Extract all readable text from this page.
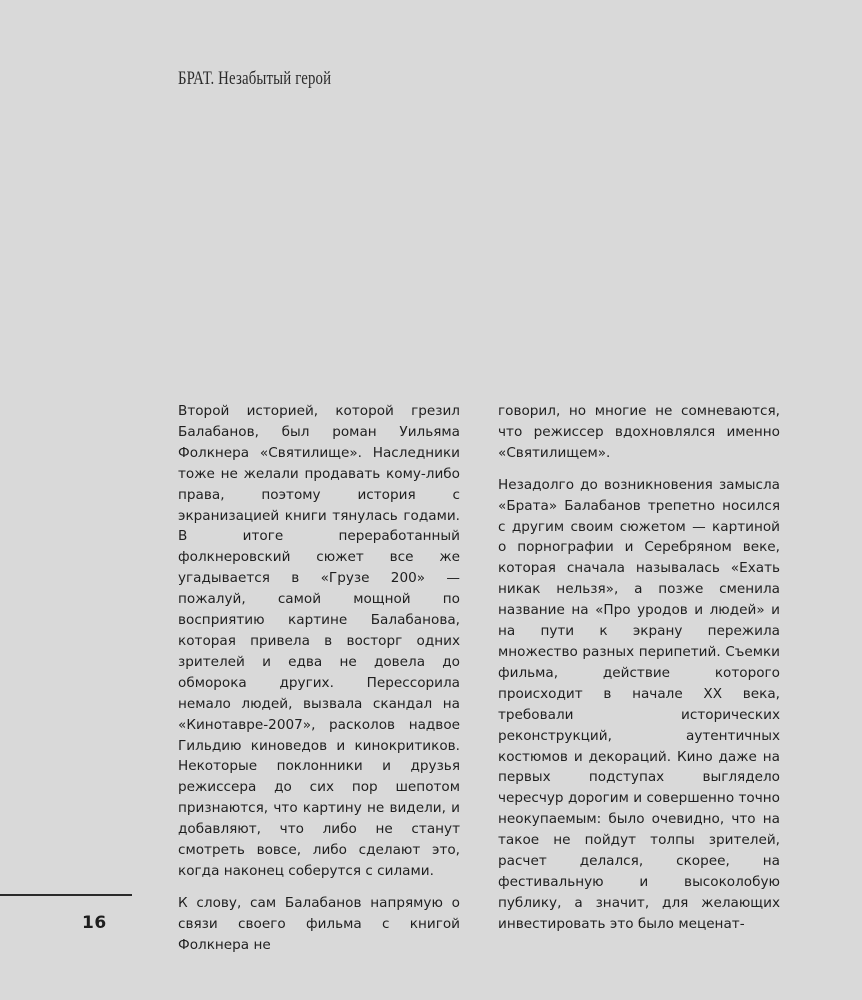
БРАТ. Незабытый герой

Второй историей, которой грезил Балабанов, был роман Уильяма Фолкнера «Святилище». Наследники тоже не желали продавать кому-либо права, поэтому история с экранизацией книги тянулась годами. В итоге переработанный фолкнеровский сюжет все же угадывается в «Грузе 200» — пожалуй, самой мощной по восприятию картине Балабанова, которая привела в восторг одних зрителей и едва не довела до обморока других. Перессорила немало людей, вызвала скандал на «Кинотавре-2007», расколов надвое Гильдию киноведов и кинокритиков. Некоторые поклонники и друзья режиссера до сих пор шепотом признаются, что картину не видели, и добавляют, что либо не станут смотреть вовсе, либо сделают это, когда наконец соберутся с силами.

К слову, сам Балабанов напрямую о связи своего фильма с книгой Фолкнера не

говорил, но многие не сомневаются, что режиссер вдохновлялся именно «Святилищем».

Незадолго до возникновения замысла «Брата» Балабанов трепетно носился с другим своим сюжетом — картиной о порнографии и Серебряном веке, которая сначала называлась «Ехать никак нельзя», а позже сменила название на «Про уродов и людей» и на пути к экрану пережила множество разных перипетий. Съемки фильма, действие которого происходит в начале XX века, требовали исторических реконструкций, аутентичных костюмов и декораций. Кино даже на первых подступах выглядело чересчур дорогим и совершенно точно неокупаемым: было очевидно, что на такое не пойдут толпы зрителей, расчет делался, скорее, на фестивальную и высоколобую публику, а значит, для желающих инвестировать это было меценат-

16
